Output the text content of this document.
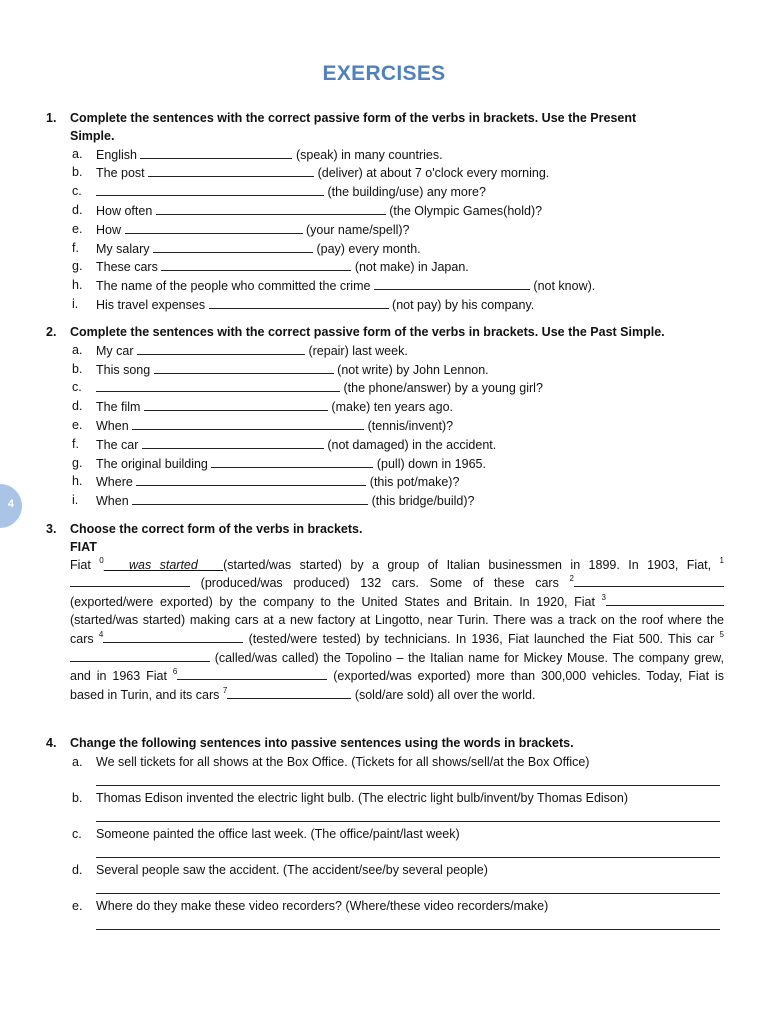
4
EXERCISES
1. Complete the sentences with the correct passive form of the verbs in brackets. Use the Present
Simple.
a. English	(speak) in many countries.
b. The post	(deliver) at about 7 o'clock every morning.
c.	(the building/use) any more?
d. How often	(the Olympic Games(hold)?
e. How	(your name/spell)?
f. My salary	(pay) every month.
g. These cars	(not make) in Japan.
h. The name of the people who committed the crime	(not know).
i. His travel expenses	(not pay) by his company.
2. Complete the sentences with the correct passive form of the verbs in brackets. Use the Past Simple.
a. My car	(repair) last week.
b. This song	(not write) by John Lennon.
c.	(the phone/answer) by a young girl?
d. The film	(make) ten years ago.
e. When	(tennis/invent)?
f. The car	(not damaged) in the accident.
g. The original building	(pull) down in 1965.
h. Where	(this pot/make)?
i. When	(this bridge/build)?
3. Choose the correct form of the verbs in brackets.
FIAT
Fiat $^0$ was started (started/was started) by a group of Italian businessmen in 1899. In 1903, Fiat, $^1$ (produced/was produced) 132 cars. Some of these cars $^2$ (exported/were exported) by the company to the United States and Britain. In 1920, Fiat $^3$ (started/was started) making cars at a new factory at Lingotto, near Turin. There was a track on the roof where the cars $^4$	(tested/were tested) by technicians. In 1936, Fiat launched the Fiat 500. This car $^5$ (called/was called) the Topolino – the Italian name for Mickey Mouse. The company grew, and in 1963 Fiat $^6$	(exported/was exported) more than 300,000 vehicles. Today, Fiat is based in Turin, and its cars $^7$	(sold/are sold) all over the world.
4. Change the following sentences into passive sentences using the words in brackets.
a. We sell tickets for all shows at the Box Office. (Tickets for all shows/sell/at the Box Office)
b. Thomas Edison invented the electric light bulb. (The electric light bulb/invent/by Thomas Edison)
c. Someone painted the office last week. (The office/paint/last week)
d. Several people saw the accident. (The accident/see/by several people)
e. Where do they make these video recorders? (Where/these video recorders/make)
